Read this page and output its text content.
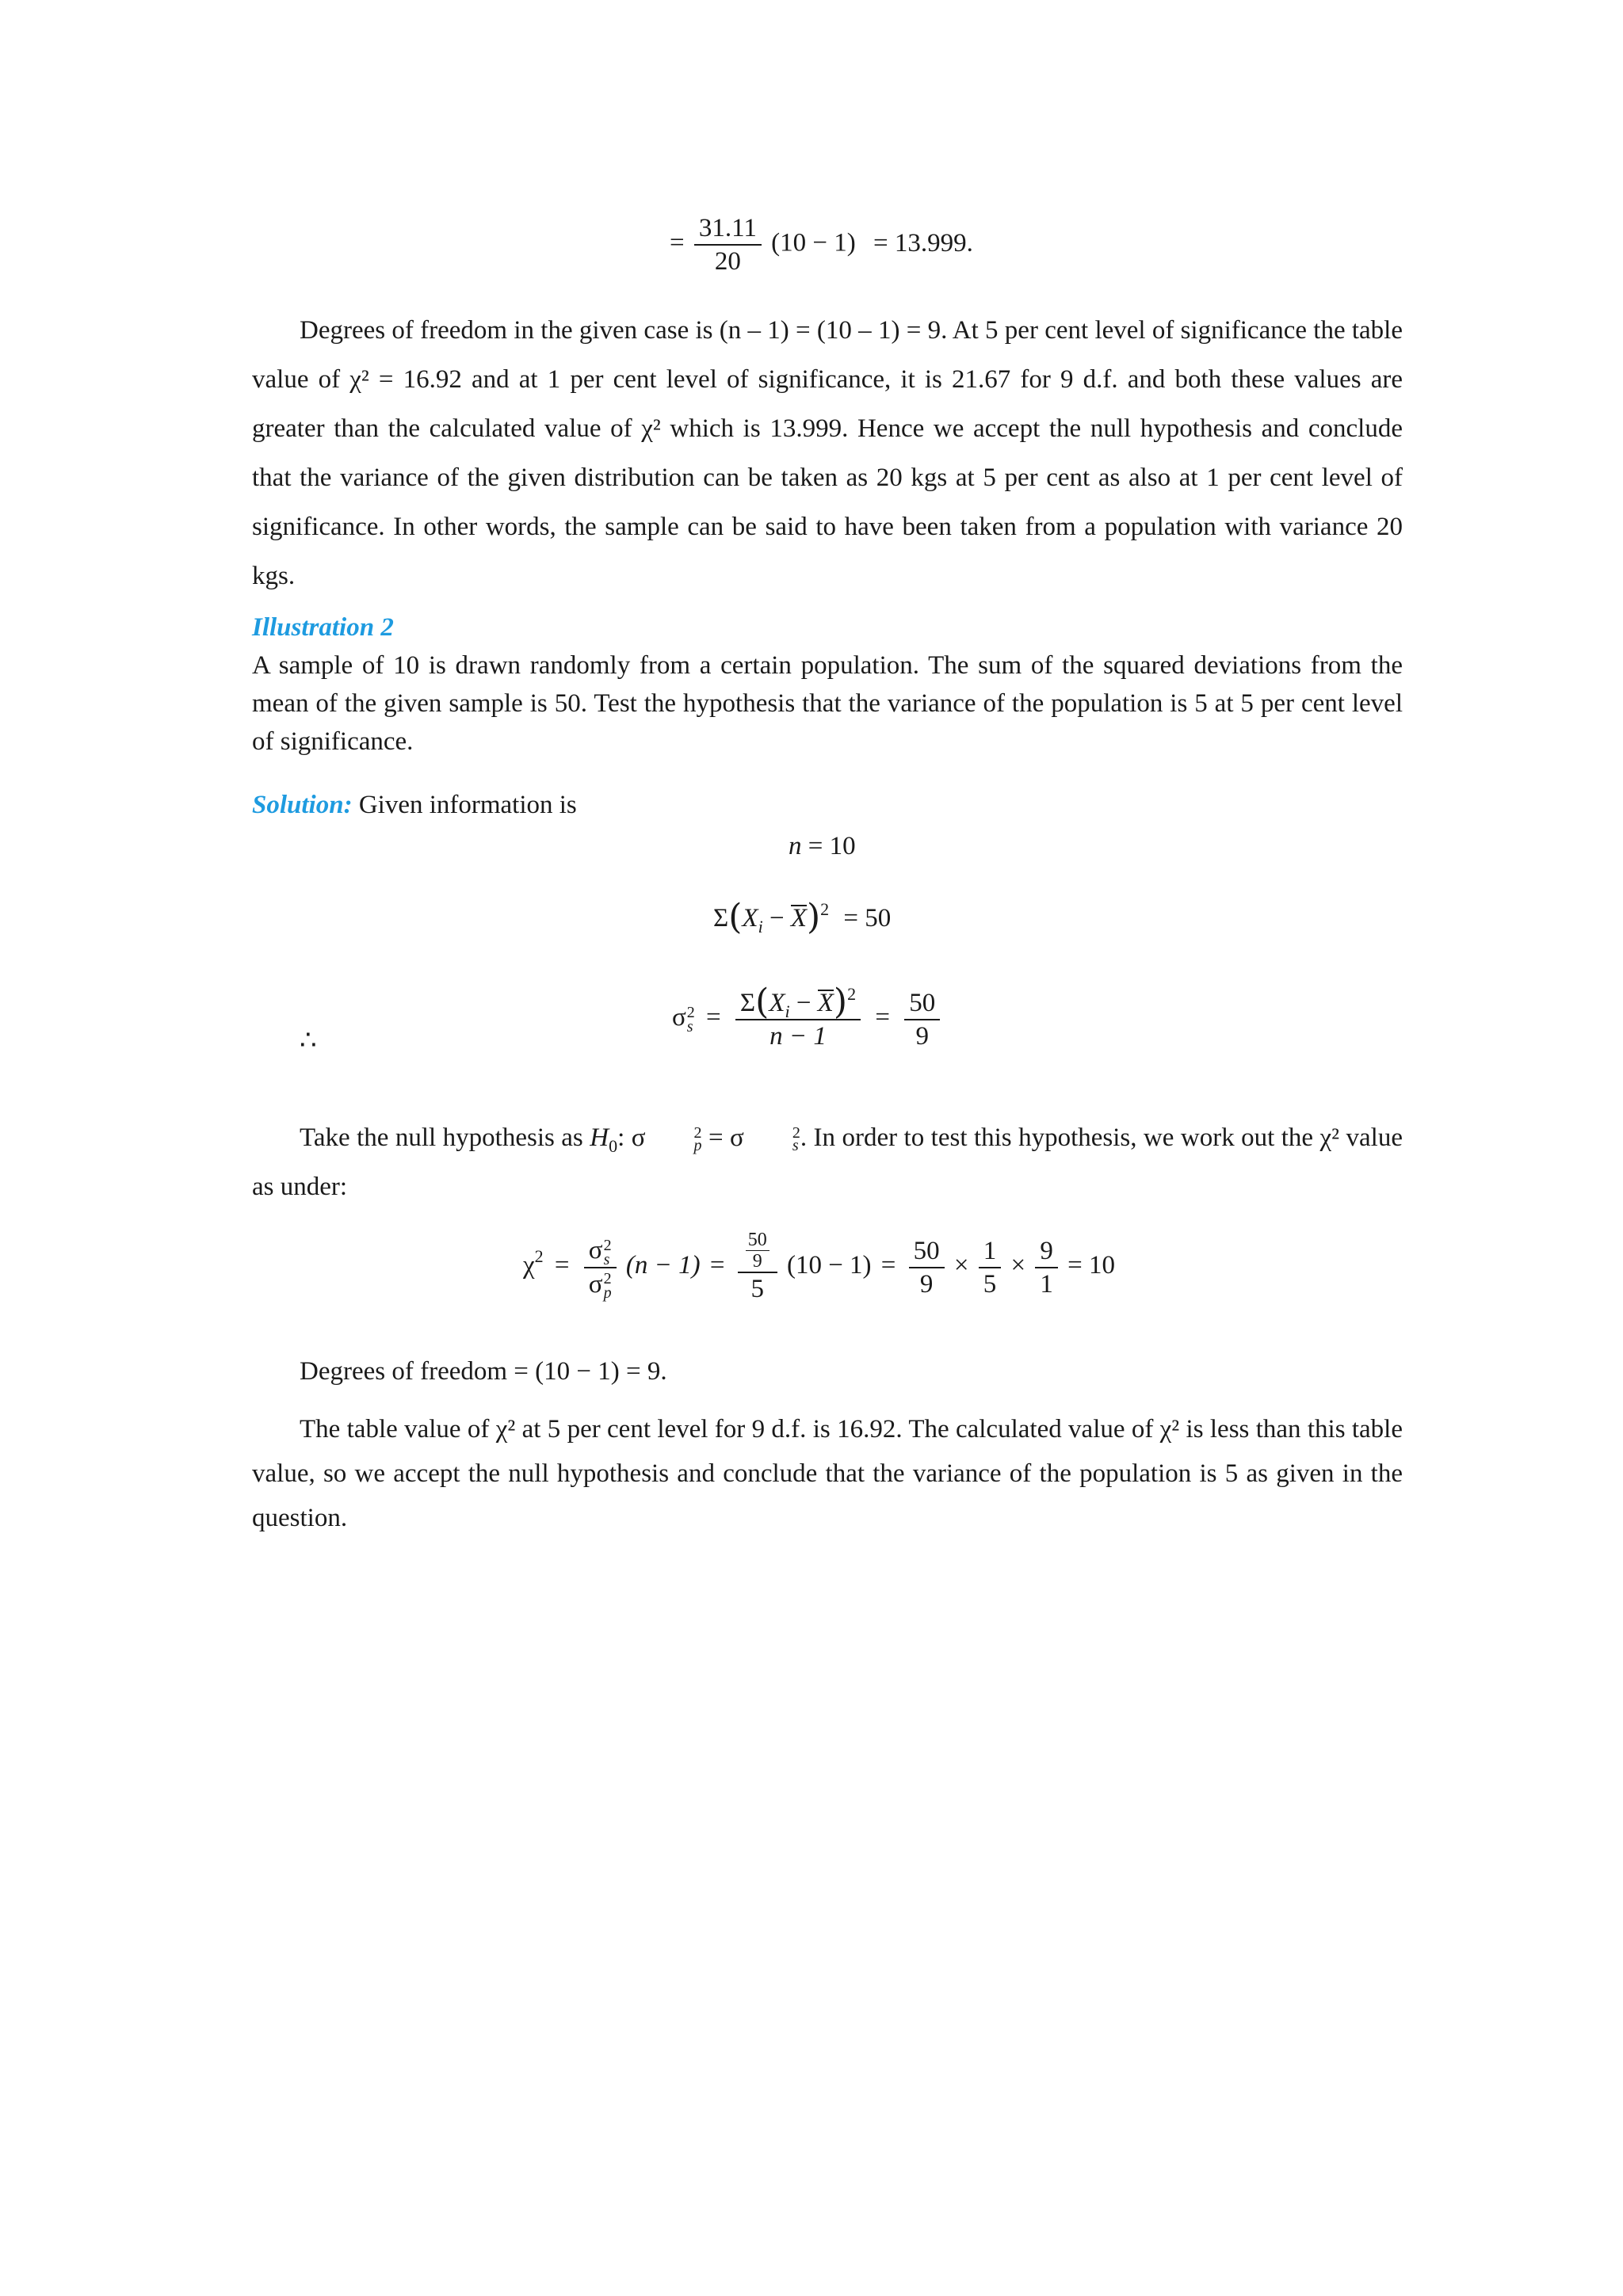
= $\frac{31.11}{20} (10 - 1) = 13.999$.

Degrees of freedom in the given case is (n – 1) = (10 – 1) = 9. At 5 per cent level of significance the table value of χ² = 16.92 and at 1 per cent level of significance, it is 21.67 for 9 d.f. and both these values are greater than the calculated value of χ² which is 13.999. Hence we accept the null hypothesis and conclude that the variance of the given distribution can be taken as 20 kgs at 5 per cent as also at 1 per cent level of significance. In other words, the sample can be said to have been taken from a population with variance 20 kgs.

Illustration 2

A sample of 10 is drawn randomly from a certain population. The sum of the squared deviations from the mean of the given sample is 50. Test the hypothesis that the variance of the population is 5 at 5 per cent level of significance.

Solution: Given information is
n = 10
$\Sigma(X_i - X)^2 = 50$
∴
σ 2
$s = \frac{\Sigma(X_i - X)^2}{n - 1} = \frac{50}{9}$

Take the null hypothesis as $H_0$: σ	2
p = σ	2
s . In order to test this hypothesis, we work out the χ² value as under:

$\chi^2 = \sigma$ 2
s
σ 2
p $(n - 1) = \frac{\frac{50}{9}}{5} (10 - 1) = \frac{50}{9} \times \frac{1}{5} \times \frac{9}{1} = 10$

Degrees of freedom = (10 − 1) = 9.

The table value of χ² at 5 per cent level for 9 d.f. is 16.92. The calculated value of χ² is less than this table value, so we accept the null hypothesis and conclude that the variance of the population is 5 as given in the question.
